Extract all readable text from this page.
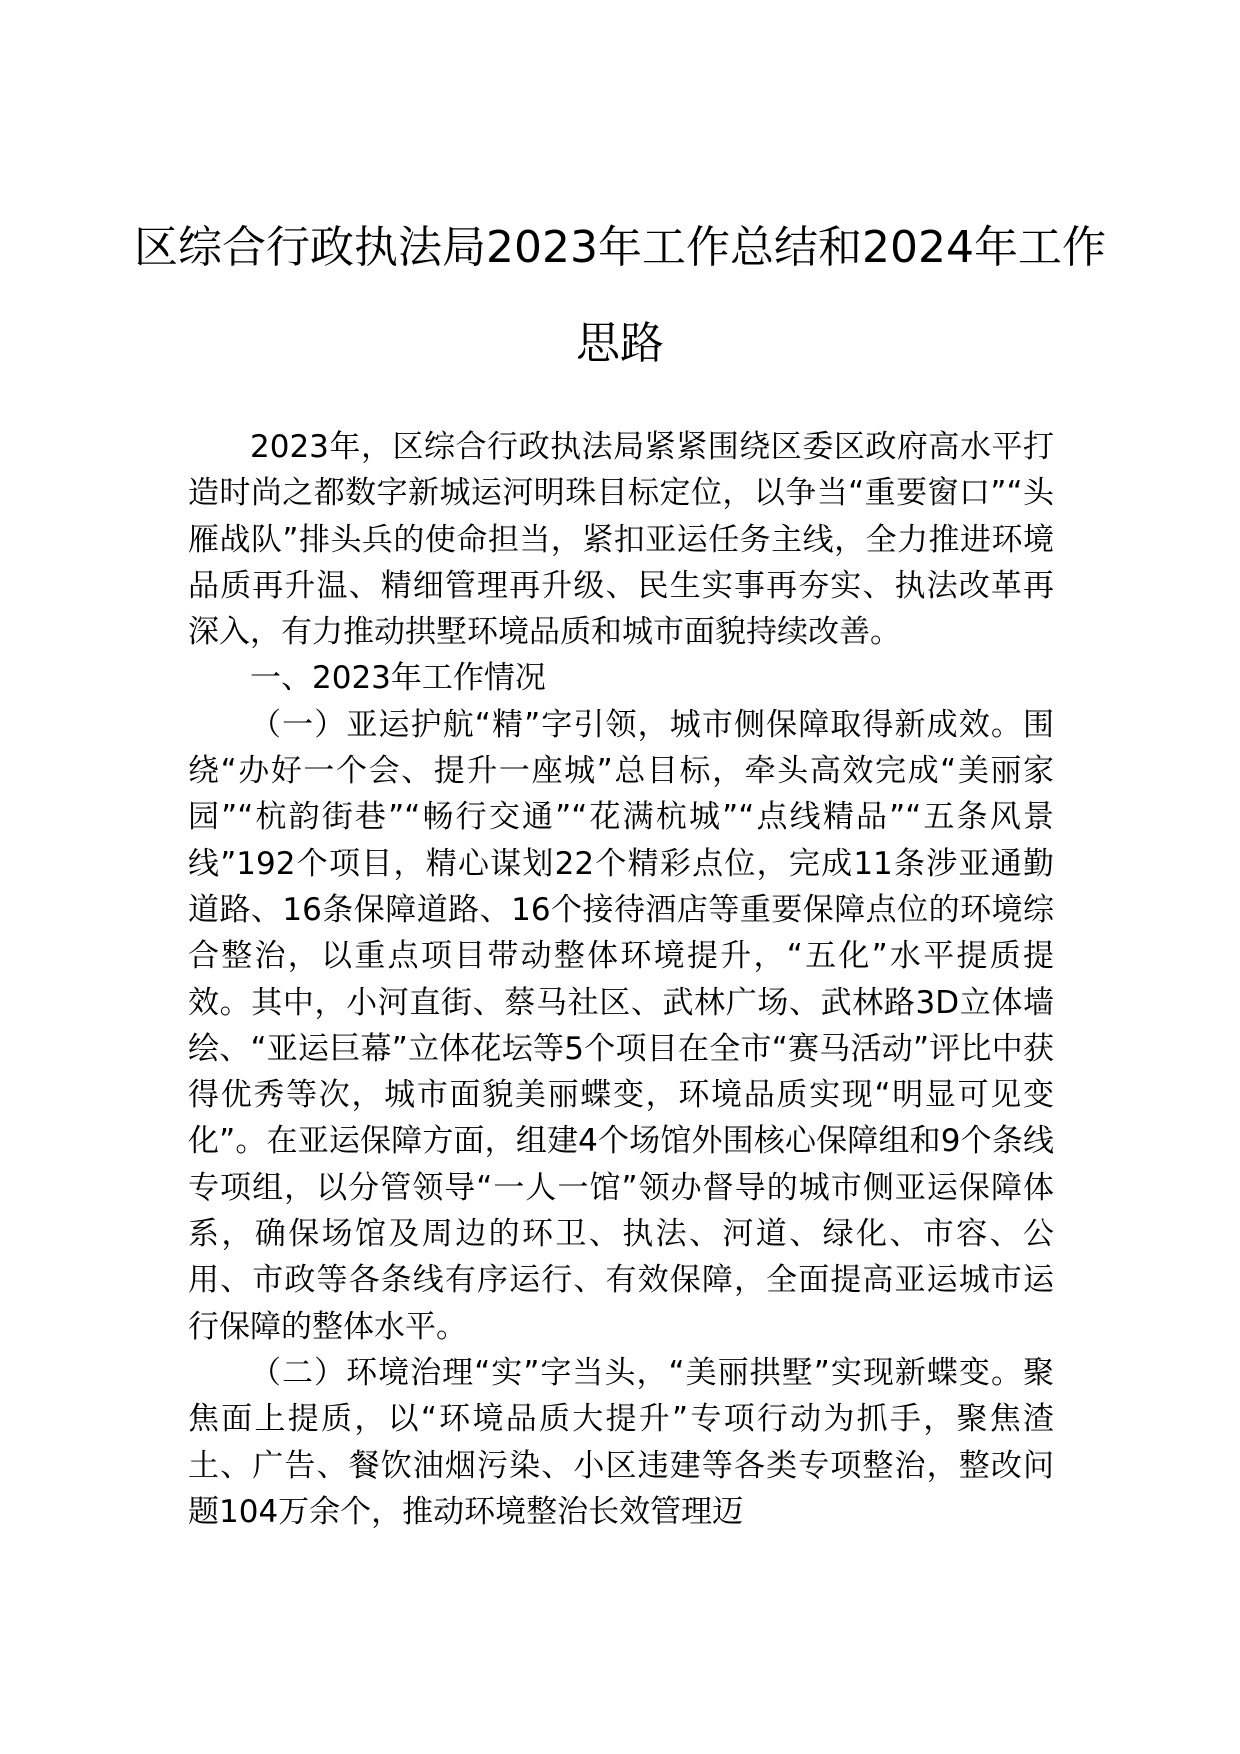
区综合行政执法局2023年工作总结和2024年工作思路

2023年，区综合行政执法局紧紧围绕区委区政府高水平打造时尚之都数字新城运河明珠目标定位，以争当“重要窗口”“头雁战队”排头兵的使命担当，紧扣亚运任务主线，全力推进环境品质再升温、精细管理再升级、民生实事再夯实、执法改革再深入，有力推动拱墅环境品质和城市面貌持续改善。

一、2023年工作情况

（一）亚运护航“精”字引领，城市侧保障取得新成效。围绕“办好一个会、提升一座城”总目标，牵头高效完成“美丽家园”“杭韵街巷”“畅行交通”“花满杭城”“点线精品”“五条风景线”192个项目，精心谋划22个精彩点位，完成11条涉亚通勤道路、16条保障道路、16个接待酒店等重要保障点位的环境综合整治，以重点项目带动整体环境提升，“五化”水平提质提效。其中，小河直街、蔡马社区、武林广场、武林路3D立体墙绘、“亚运巨幕”立体花坛等5个项目在全市“赛马活动”评比中获得优秀等次，城市面貌美丽蝶变，环境品质实现“明显可见变化”。在亚运保障方面，组建4个场馆外围核心保障组和9个条线专项组，以分管领导“一人一馆”领办督导的城市侧亚运保障体系，确保场馆及周边的环卫、执法、河道、绿化、市容、公用、市政等各条线有序运行、有效保障，全面提高亚运城市运行保障的整体水平。

（二）环境治理“实”字当头，“美丽拱墅”实现新蝶变。聚焦面上提质，以“环境品质大提升”专项行动为抓手，聚焦渣土、广告、餐饮油烟污染、小区违建等各类专项整治，整改问题104万余个，推动环境整治长效管理迈
